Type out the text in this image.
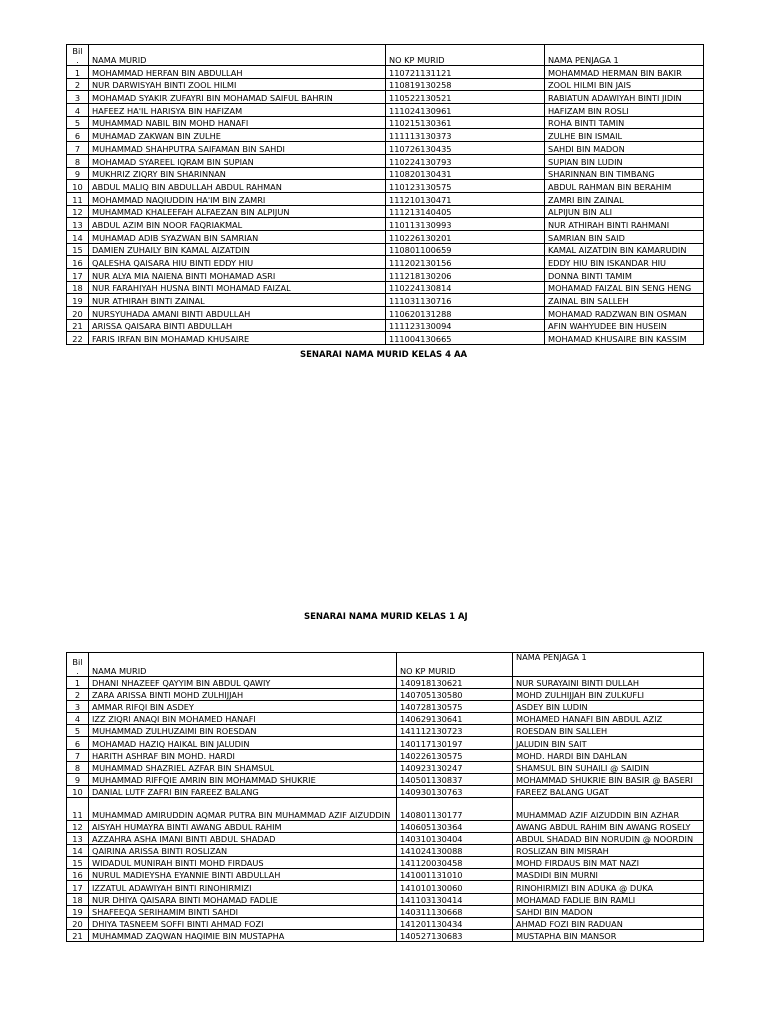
Bil
.	NAMA MURID	NO KP MURID	NAMA PENJAGA 1
1	MOHAMMAD HERFAN BIN ABDULLAH	110721131121	MOHAMMAD HERMAN BIN BAKIR
2	NUR DARWISYAH BINTI ZOOL HILMI	110819130258	ZOOL HILMI BIN JAIS
3	MOHAMAD SYAKIR ZUFAYRI BIN MOHAMAD SAIFUL BAHRIN	110522130521	RABIATUN ADAWIYAH BINTI JIDIN
4	HAFEEZ HA'IL HARISYA BIN HAFIZAM	111024130961	HAFIZAM BIN ROSLI
5	MUHAMMAD NABIL BIN MOHD HANAFI	110215130361	ROHA BINTI TAMIN
6	MUHAMAD ZAKWAN BIN ZULHE	111113130373	ZULHE BIN ISMAIL
7	MUHAMMAD SHAHPUTRA SAIFAMAN BIN SAHDI	110726130435	SAHDI BIN MADON
8	MOHAMAD SYAREEL IQRAM BIN SUPIAN	110224130793	SUPIAN BIN LUDIN
9	MUKHRIZ ZIQRY BIN SHARINNAN	110820130431	SHARINNAN BIN TIMBANG
10	ABDUL MALIQ BIN ABDULLAH ABDUL RAHMAN	110123130575	ABDUL RAHMAN BIN BERAHIM
11	MOHAMMAD NAQIUDDIN HA'IM BIN ZAMRI	111210130471	ZAMRI BIN ZAINAL
12	MUHAMMAD KHALEEFAH ALFAEZAN BIN ALPIJUN	111213140405	ALPIJUN BIN ALI
13	ABDUL AZIM BIN NOOR FAQRIAKMAL	110113130993	NUR ATHIRAH BINTI RAHMANI
14	MUHAMAD ADIB SYAZWAN BIN SAMRIAN	110226130201	SAMRIAN BIN SAID
15	DAMIEN ZUHAILY BIN KAMAL AIZATDIN	110801100659	KAMAL AIZATDIN BIN KAMARUDIN
16	QALESHA QAISARA HIU BINTI EDDY HIU	111202130156	EDDY HIU BIN ISKANDAR HIU
17	NUR ALYA MIA NAIENA BINTI MOHAMAD ASRI	111218130206	DONNA BINTI TAMIM
18	NUR FARAHIYAH HUSNA BINTI MOHAMAD FAIZAL	110224130814	MOHAMAD FAIZAL BIN SENG HENG
19	NUR ATHIRAH BINTI ZAINAL	111031130716	ZAINAL BIN SALLEH
20	NURSYUHADA AMANI BINTI ABDULLAH	110620131288	MOHAMAD RADZWAN BIN OSMAN
21	ARISSA QAISARA BINTI ABDULLAH	111123130094	AFIN WAHYUDEE BIN HUSEIN
22	FARIS IRFAN BIN MOHAMAD KHUSAIRE	111004130665	MOHAMAD KHUSAIRE BIN KASSIM
SENARAI NAMA MURID KELAS 4 AA
SENARAI NAMA MURID KELAS 1 AJ
Bil
.	NAMA MURID	NO KP MURID	NAMA PENJAGA 1
1	DHANI NHAZEEF QAYYIM BIN ABDUL QAWIY	140918130621	NUR SURAYAINI BINTI DULLAH
2	ZARA ARISSA BINTI MOHD ZULHIJJAH	140705130580	MOHD ZULHIJJAH BIN ZULKUFLI
3	AMMAR RIFQI BIN ASDEY	140728130575	ASDEY BIN LUDIN
4	IZZ ZIQRI ANAQI BIN MOHAMED HANAFI	140629130641	MOHAMED HANAFI BIN ABDUL AZIZ
5	MUHAMMAD ZULHUZAIMI BIN ROESDAN	141112130723	ROESDAN BIN SALLEH
6	MOHAMAD HAZIQ HAIKAL BIN JALUDIN	140117130197	JALUDIN BIN SAIT
7	HARITH ASHRAF BIN MOHD. HARDI	140226130575	MOHD. HARDI BIN DAHLAN
8	MUHAMMAD SHAZRIEL AZFAR BIN SHAMSUL	140923130247	SHAMSUL BIN SUHAILI @ SAIDIN
9	MUHAMMAD RIFFQIE AMRIN BIN MOHAMMAD SHUKRIE	140501130837	MOHAMMAD SHUKRIE BIN BASIR @ BASERI
10	DANIAL LUTF ZAFRI BIN FAREEZ BALANG	140930130763	FAREEZ BALANG UGAT
11	MUHAMMAD AMIRUDDIN AQMAR PUTRA BIN MUHAMMAD AZIF AIZUDDIN	140801130177	MUHAMMAD AZIF AIZUDDIN BIN AZHAR
12	AISYAH HUMAYRA BINTI AWANG ABDUL RAHIM	140605130364	AWANG ABDUL RAHIM BIN AWANG ROSELY
13	AZZAHRA ASHA IMANI BINTI ABDUL SHADAD	140310130404	ABDUL SHADAD BIN NORUDIN @ NOORDIN
14	QAIRINA ARISSA BINTI ROSLIZAN	141024130088	ROSLIZAN BIN MISRAH
15	WIDADUL MUNIRAH BINTI MOHD FIRDAUS	141120030458	MOHD FIRDAUS BIN MAT NAZI
16	NURUL MADIEYSHA EYANNIE BINTI ABDULLAH	141001131010	MASDIDI BIN MURNI
17	IZZATUL ADAWIYAH BINTI RINOHIRMIZI	141010130060	RINOHIRMIZI BIN ADUKA @ DUKA
18	NUR DHIYA QAISARA BINTI MOHAMAD FADLIE	141103130414	MOHAMAD FADLIE BIN RAMLI
19	SHAFEEQA SERIHAMIM BINTI SAHDI	140311130668	SAHDI BIN MADON
20	DHIYA TASNEEM SOFFI BINTI AHMAD FOZI	141201130434	AHMAD FOZI BIN RADUAN
21	MUHAMMAD ZAQWAN HAQIMIE BIN MUSTAPHA	140527130683	MUSTAPHA BIN MANSOR
